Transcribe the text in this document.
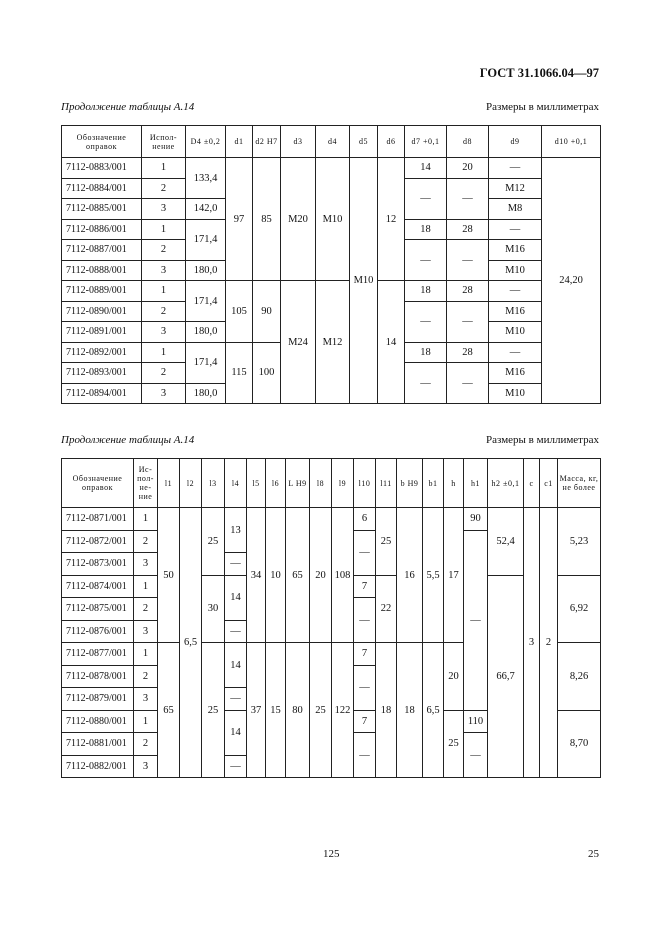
ГОСТ 31.1066.04—97
Продолжение таблицы А.14	Размеры в миллиметрах
Обозначение оправок	Испол-нение	D4 ±0,2	d1	d2 H7	d3	d4	d5	d6	d7 +0,1	d8	d9	d10 +0,1
7112-0883/001	1	133,4	97	85	M20	M10	M10	12	14	20	—	24,20
7112-0884/001	2								—	—	M12	
7112-0885/001	3	142,0									M8	
7112-0886/001	1	171,4							18	28	—	
7112-0887/001	2								—	—	M16	
7112-0888/001	3	180,0									M10	
7112-0889/001	1	171,4	105	90	M24	M12		14	18	28	—	
7112-0890/001	2								—	—	M16	
7112-0891/001	3	180,0									M10	
7112-0892/001	1	171,4	115	100					18	28	—	
7112-0893/001	2								—	—	M16	
7112-0894/001	3	180,0									M10	
Продолжение таблицы А.14	Размеры в миллиметрах
Обозначение оправок	Ис-пол-не-ние	l1	l2	l3	l4	l5	l6	L H9	l8	l9	l10	l11	b H9	b1	h	h1	h2 ±0,1	c	c1	Масса, кг, не более
7112-0871/001	1	50	6,5	25	13	34	10	65	20	108	6	25	16	5,5	17	90	52,4	3	2	5,23
7112-0872/001	2										—					—				
7112-0873/001	3				—															
7112-0874/001	1			30	14						7	22					66,7			6,92
7112-0875/001	2										—									
7112-0876/001	3				—															
7112-0877/001	1	65		25	14	37	15	80	25	122	7	18	18	6,5	20					8,26
7112-0878/001	2										—									
7112-0879/001	3				—															
7112-0880/001	1				14						7				25	110				8,70
7112-0881/001	2										—					—				
7112-0882/001	3				—															
125	25
